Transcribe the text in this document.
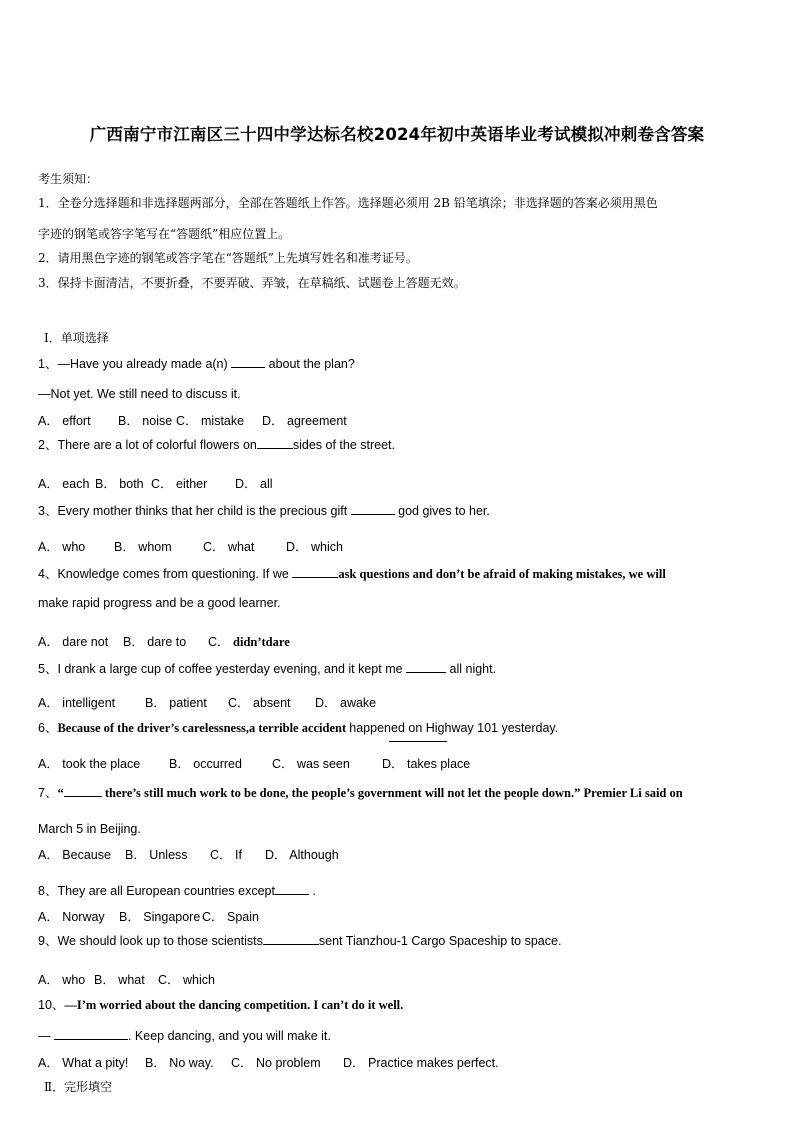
广西南宁市江南区三十四中学达标名校2024年初中英语毕业考试模拟冲刺卷含答案
考生须知：
1．全卷分选择题和非选择题两部分，全部在答题纸上作答。选择题必须用 2B 铅笔填涂；非选择题的答案必须用黑色
字迹的钢笔或答字笔写在“答题纸”相应位置上。
2．请用黑色字迹的钢笔或答字笔在“答题纸”上先填写姓名和准考证号。
3．保持卡面清洁，不要折叠，不要弄破、弄皱，在草稿纸、试题卷上答题无效。
Ⅰ．单项选择
1、—Have you already made a(n)	about the plan?
—Not yet. We still need to discuss it.
A． effort B． noise C． mistake D． agreement
2、There are a lot of colorful flowers on	sides of the street.
A． each B． both C． either D． all
3、Every mother thinks that her child is the precious gift	god gives to her.
A． who B． whom	C． what	D． which
4、Knowledge comes from questioning. If we	ask questions and don’t be afraid of making mistakes, we will
make rapid progress and be a good learner.
A． dare not B． dare to C． didn’tdare
5、I drank a large cup of coffee yesterday evening, and it kept me	all night.
A． intelligent B． patient C． absent D． awake
6、Because of the driver’s carelessness,a terrible accident happened on Highway 101 yesterday.
A． took the place B． occurred C． was seen	D． takes place
7、“	there’s still much work to be done, the people’s government will not let the people down.” Premier Li said on
March 5 in Beijing.
A． Because B． Unless C． If D． Although
8、They are all European countries except	.
A． Norway B． Singapore C． Spain
9、We should look up to those scientists	sent Tianzhou-1 Cargo Spaceship to space.
A． who B． what C． which
10、—I’m worried about the dancing competition. I can’t do it well.
—	. Keep dancing, and you will make it.
A． What a pity! B． No way. C． No problem D． Practice makes perfect.
Ⅱ．完形填空
